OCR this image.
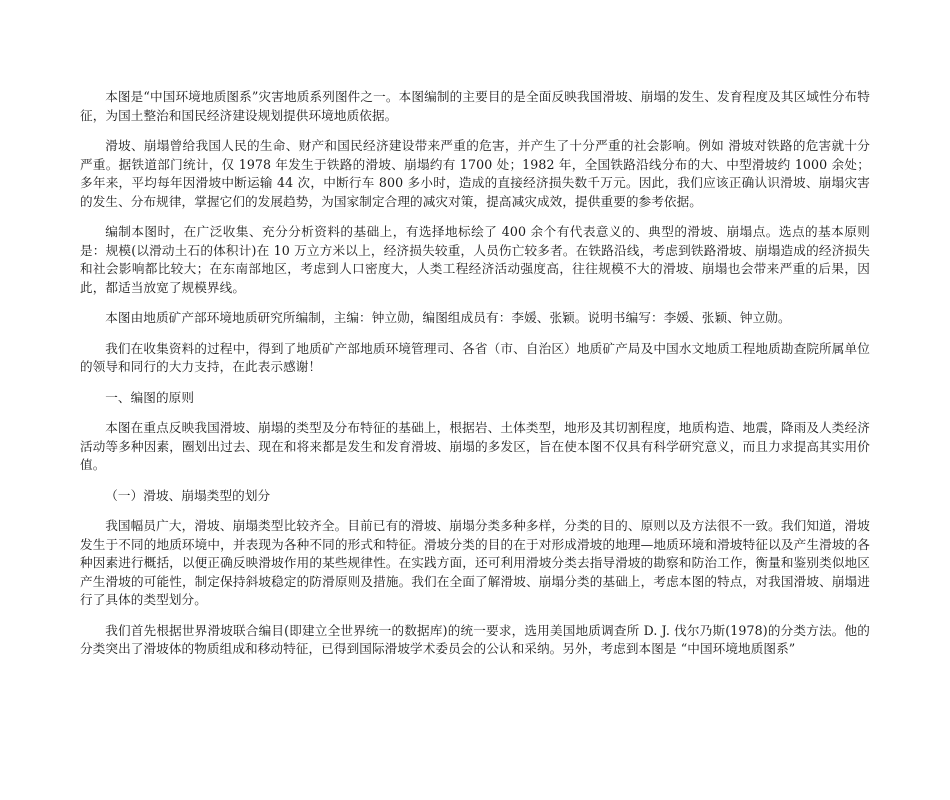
本图是“中国环境地质图系”灾害地质系列图件之一。本图编制的主要目的是全面反映我国滑坡、崩塌的发生、发育程度及其区域性分布特征，为国土整治和国民经济建设规划提供环境地质依据。

滑坡、崩塌曾给我国人民的生命、财产和国民经济建设带来严重的危害，并产生了十分严重的社会影响。例如 滑坡对铁路的危害就十分严重。据铁道部门统计，仅 1978 年发生于铁路的滑坡、崩塌约有 1700 处；1982 年，全国铁路沿线分布的大、中型滑坡约 1000 余处；多年来，平均每年因滑坡中断运输 44 次，中断行车 800 多小时，造成的直接经济损失数千万元。因此，我们应该正确认识滑坡、崩塌灾害的发生、分布规律，掌握它们的发展趋势，为国家制定合理的减灾对策，提高减灾成效，提供重要的参考依据。

编制本图时，在广泛收集、充分分析资料的基础上，有选择地标绘了 400 余个有代表意义的、典型的滑坡、崩塌点。选点的基本原则是：规模(以滑动土石的体积计)在 10 万立方米以上，经济损失较重，人员伤亡较多者。在铁路沿线，考虑到铁路滑坡、崩塌造成的经济损失和社会影响都比较大；在东南部地区，考虑到人口密度大，人类工程经济活动强度高，往往规模不大的滑坡、崩塌也会带来严重的后果，因此，都适当放宽了规模界线。

本图由地质矿产部环境地质研究所编制，主编：钟立勋，编图组成员有：李媛、张颖。说明书编写：李媛、张颖、钟立勋。

我们在收集资料的过程中，得到了地质矿产部地质环境管理司、各省（市、自治区）地质矿产局及中国水文地质工程地质勘查院所属单位的领导和同行的大力支持，在此表示感谢！

一、编图的原则

本图在重点反映我国滑坡、崩塌的类型及分布特征的基础上，根据岩、土体类型，地形及其切割程度，地质构造、地震，降雨及人类经济活动等多种因素，圈划出过去、现在和将来都是发生和发育滑坡、崩塌的多发区，旨在使本图不仅具有科学研究意义，而且力求提高其实用价值。

（一）滑坡、崩塌类型的划分

我国幅员广大，滑坡、崩塌类型比较齐全。目前已有的滑坡、崩塌分类多种多样，分类的目的、原则以及方法很不一致。我们知道，滑坡发生于不同的地质环境中，并表现为各种不同的形式和特征。滑坡分类的目的在于对形成滑坡的地理—地质环境和滑坡特征以及产生滑坡的各种因素进行概括，以便正确反映滑坡作用的某些规律性。在实践方面，还可利用滑坡分类去指导滑坡的勘察和防治工作，衡量和鉴别类似地区产生滑坡的可能性，制定保持斜坡稳定的防滑原则及措施。我们在全面了解滑坡、崩塌分类的基础上，考虑本图的特点，对我国滑坡、崩塌进行了具体的类型划分。

我们首先根据世界滑坡联合编目(即建立全世界统一的数据库)的统一要求，选用美国地质调查所 D. J. 伐尔乃斯(1978)的分类方法。他的分类突出了滑坡体的物质组成和移动特征，已得到国际滑坡学术委员会的公认和采纳。另外，考虑到本图是 “中国环境地质图系”
